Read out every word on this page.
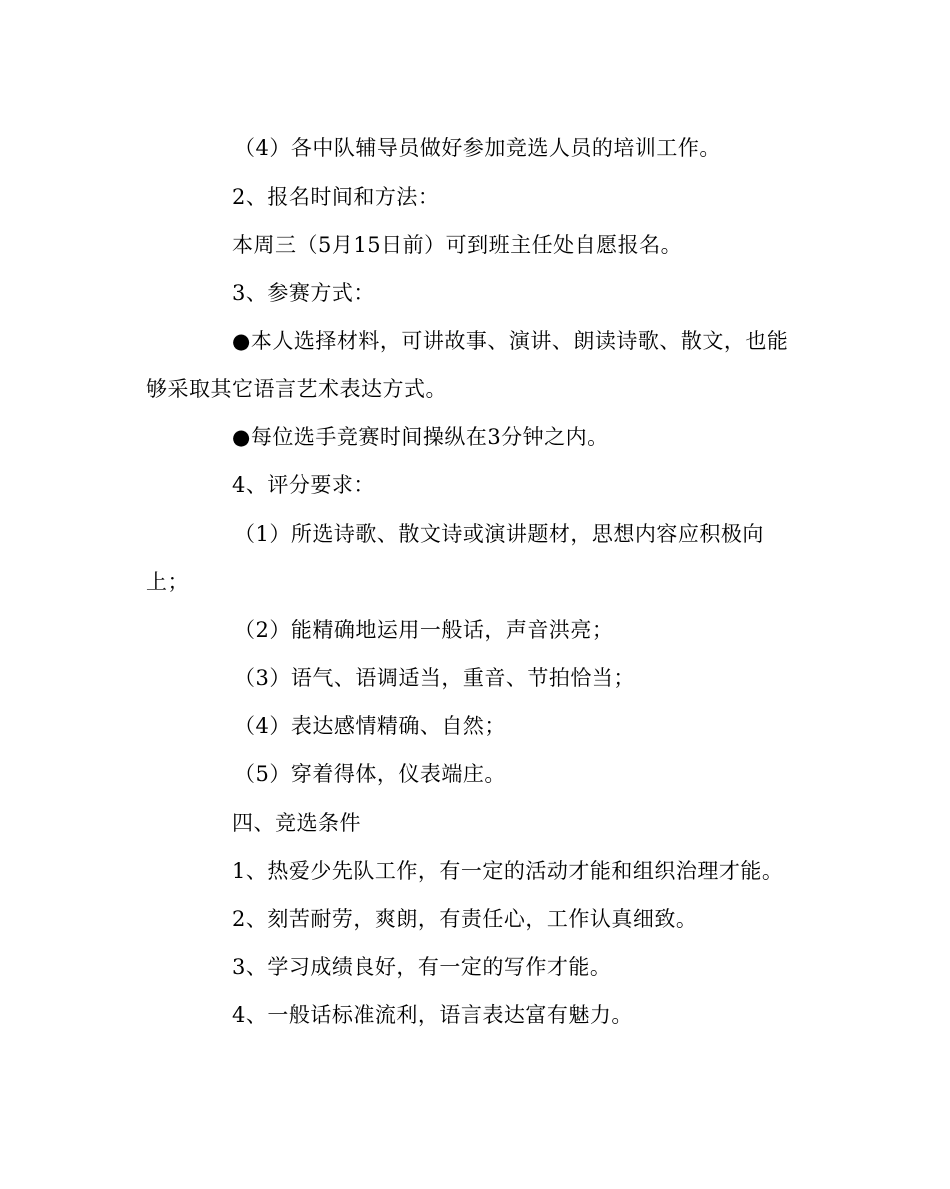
（4）各中队辅导员做好参加竞选人员的培训工作。
2、报名时间和方法：
本周三（5月15日前）可到班主任处自愿报名。
3、参赛方式：
●本人选择材料，可讲故事、演讲、朗读诗歌、散文，也能
够采取其它语言艺术表达方式。
●每位选手竞赛时间操纵在3分钟之内。
4、评分要求：
（1）所选诗歌、散文诗或演讲题材，思想内容应积极向
上；
（2）能精确地运用一般话，声音洪亮；
（3）语气、语调适当，重音、节拍恰当；
（4）表达感情精确、自然；
（5）穿着得体，仪表端庄。
四、竞选条件
1、热爱少先队工作，有一定的活动才能和组织治理才能。
2、刻苦耐劳，爽朗，有责任心，工作认真细致。
3、学习成绩良好，有一定的写作才能。
4、一般话标准流利，语言表达富有魅力。
